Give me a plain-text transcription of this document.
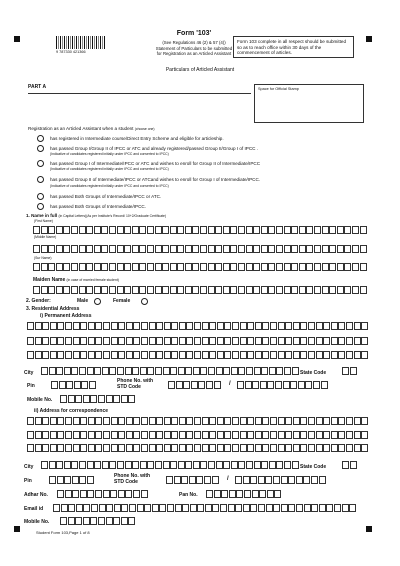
9 787330 421366
Form '103'
(See Regulations 46 (2) & 57 (4))
Statement of Particulars to be submitted
for Registration as an Articled Assistant
Form 103 complete in all respect should be submitted so as to reach office within 30 days of the commencement of articles.
Particulars of Articled Assistant
PART A	Space for Official Stamp
Registration as an Articled Assistant when a student (choose one)
has registered in Intermediate course/Direct Entry Scheme and eligible for articleship.
has passed Group I/Group II of IPCC or ATC and already registered/passed Group II/Group I of IPCC .
(Indicative of candidates registered initially under IPCC and converted to IPCC)
has passed Group I of Intermediate/IPCC or ATC and wishes to enroll for Group II of Intermediate/IPCC
(Indicative of candidates registered initially under IPCC and converted to IPCC)
has passed Group II of Intermediate/IPCC or ATCand wishes to enroll for Group I of Intermediate/IPCC.
(Indicative of candidates registered initially under IPCC and converted to IPCC)
has passed Both Groups of Intermediate/IPCC or ATC.
has passed Both Groups of Intermediate/IPCC.
1. Name in full (in Capital Letters)(As per Institute's Record/ 10+2/Graduate Certificate)
(First Name)
(Middle Name)
(Sur Name)
Maiden Name (in case of married female student)
2. Gender:	Male	Female
3. Residential Address
i) Permanent Address
City	State Code
Pin
Phone No. with
STD Code	/
Mobile No.
ii) Address for correspondence
City	State Code
Pin
Phone No. with
STD Code	/
Adhar No.	Pan No.
Email id
Mobile No.
Student Form 103,Page 1 of 8
